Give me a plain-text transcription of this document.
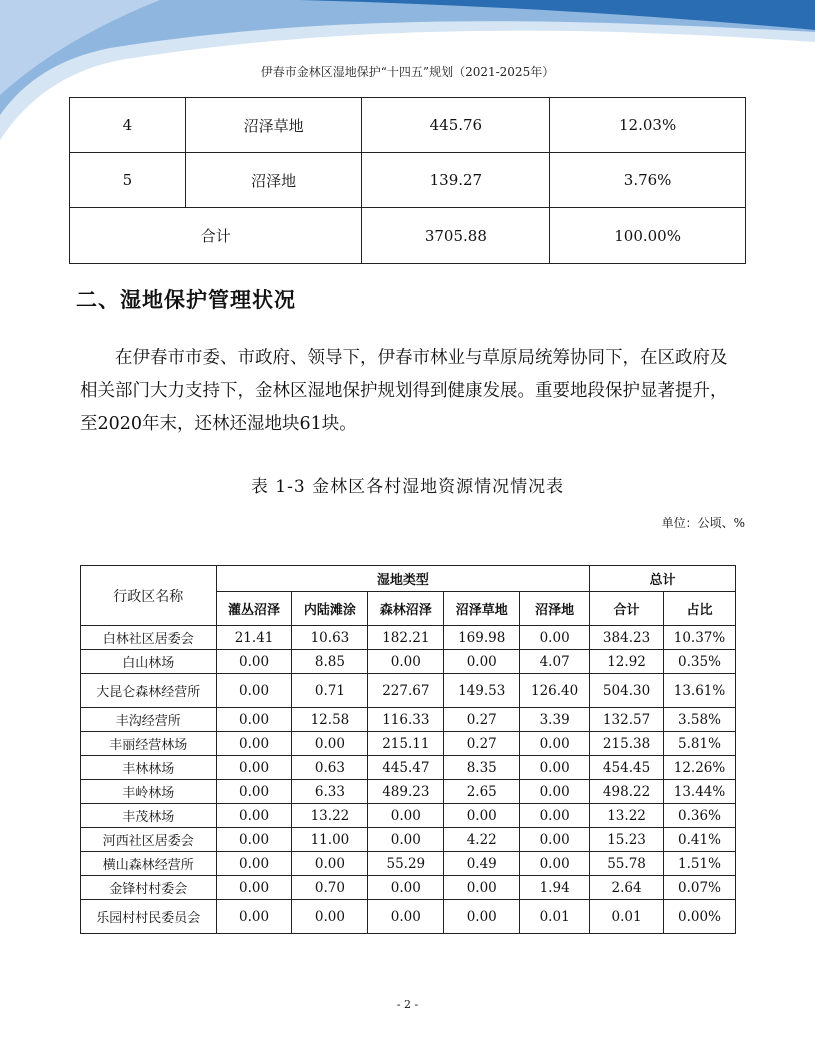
伊春市金林区湿地保护“十四五”规划（2021-2025年）
4	沼泽草地	445.76	12.03%
5	沼泽地	139.27	3.76%
合计		3705.88	100.00%
二、湿地保护管理状况

在伊春市市委、市政府、领导下，伊春市林业与草原局统筹协同下，在区政府及相关部门大力支持下，金林区湿地保护规划得到健康发展。重要地段保护显著提升，至2020年末，还林还湿地块61块。

表 1-3 金林区各村湿地资源情况情况表
单位：公顷、%
行政区名称	湿地类型					总计	
	灌丛沼泽	内陆滩涂	森林沼泽	沼泽草地	沼泽地	合计	占比
白林社区居委会	21.41	10.63	182.21	169.98	0.00	384.23	10.37%
白山林场	0.00	8.85	0.00	0.00	4.07	12.92	0.35%
大昆仑森林经营所	0.00	0.71	227.67	149.53	126.40	504.30	13.61%
丰沟经营所	0.00	12.58	116.33	0.27	3.39	132.57	3.58%
丰丽经营林场	0.00	0.00	215.11	0.27	0.00	215.38	5.81%
丰林林场	0.00	0.63	445.47	8.35	0.00	454.45	12.26%
丰岭林场	0.00	6.33	489.23	2.65	0.00	498.22	13.44%
丰茂林场	0.00	13.22	0.00	0.00	0.00	13.22	0.36%
河西社区居委会	0.00	11.00	0.00	4.22	0.00	15.23	0.41%
横山森林经营所	0.00	0.00	55.29	0.49	0.00	55.78	1.51%
金锋村村委会	0.00	0.70	0.00	0.00	1.94	2.64	0.07%
乐园村村民委员会	0.00	0.00	0.00	0.00	0.01	0.01	0.00%
- 2 -
